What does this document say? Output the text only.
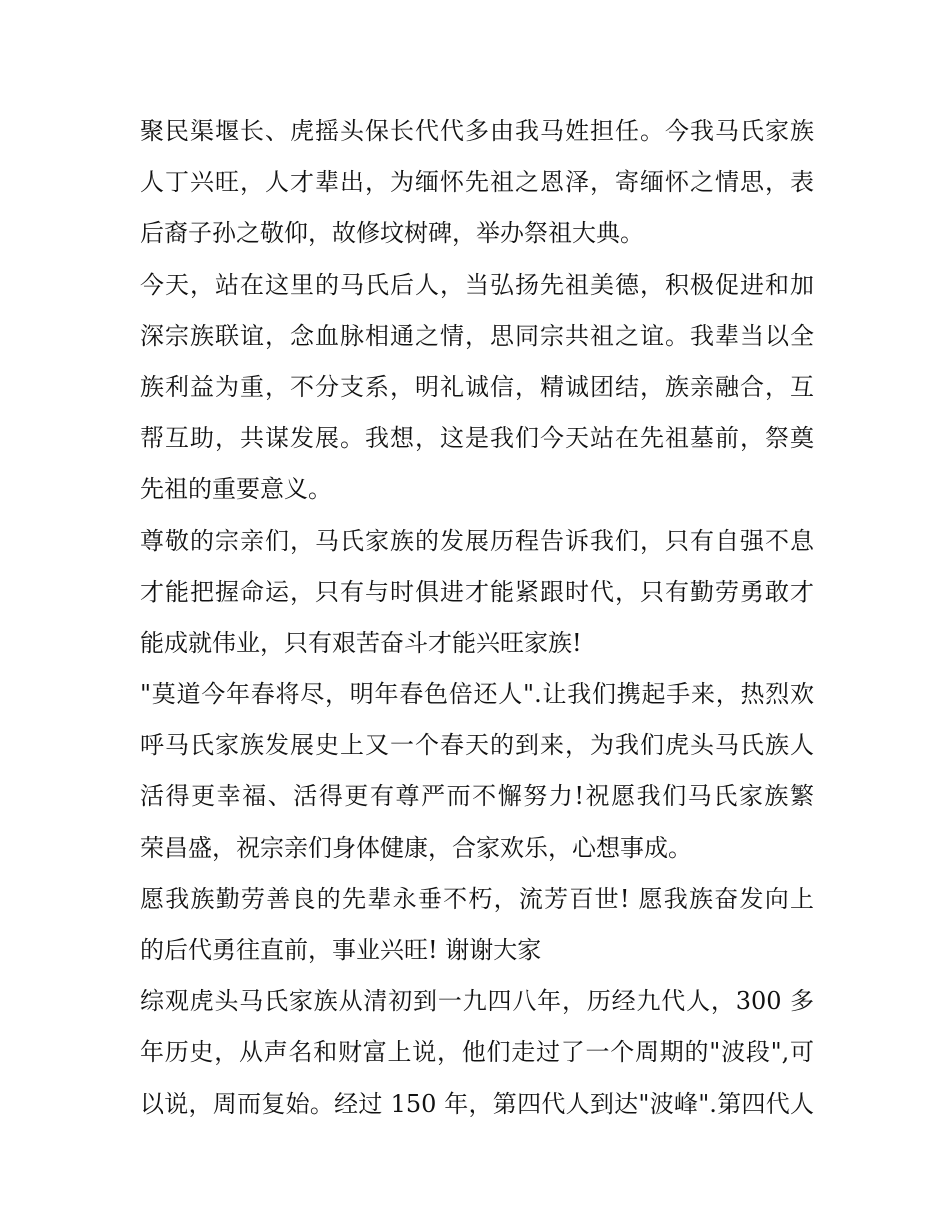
聚民渠堰长、虎摇头保长代代多由我马姓担任。今我马氏家族
人丁兴旺，人才辈出，为缅怀先祖之恩泽，寄缅怀之情思，表
后裔子孙之敬仰，故修坟树碑，举办祭祖大典。
今天，站在这里的马氏后人，当弘扬先祖美德，积极促进和加
深宗族联谊，念血脉相通之情，思同宗共祖之谊。我辈当以全
族利益为重，不分支系，明礼诚信，精诚团结，族亲融合，互
帮互助，共谋发展。我想，这是我们今天站在先祖墓前，祭奠
先祖的重要意义。
尊敬的宗亲们，马氏家族的发展历程告诉我们，只有自强不息
才能把握命运，只有与时俱进才能紧跟时代，只有勤劳勇敢才
能成就伟业，只有艰苦奋斗才能兴旺家族!
"莫道今年春将尽，明年春色倍还人".让我们携起手来，热烈欢
呼马氏家族发展史上又一个春天的到来，为我们虎头马氏族人
活得更幸福、活得更有尊严而不懈努力!祝愿我们马氏家族繁
荣昌盛，祝宗亲们身体健康，合家欢乐，心想事成。
愿我族勤劳善良的先辈永垂不朽，流芳百世! 愿我族奋发向上
的后代勇往直前，事业兴旺! 谢谢大家
综观虎头马氏家族从清初到一九四八年，历经九代人，300 多
年历史，从声名和财富上说，他们走过了一个周期的"波段",可
以说，周而复始。经过 150 年，第四代人到达"波峰".第四代人
